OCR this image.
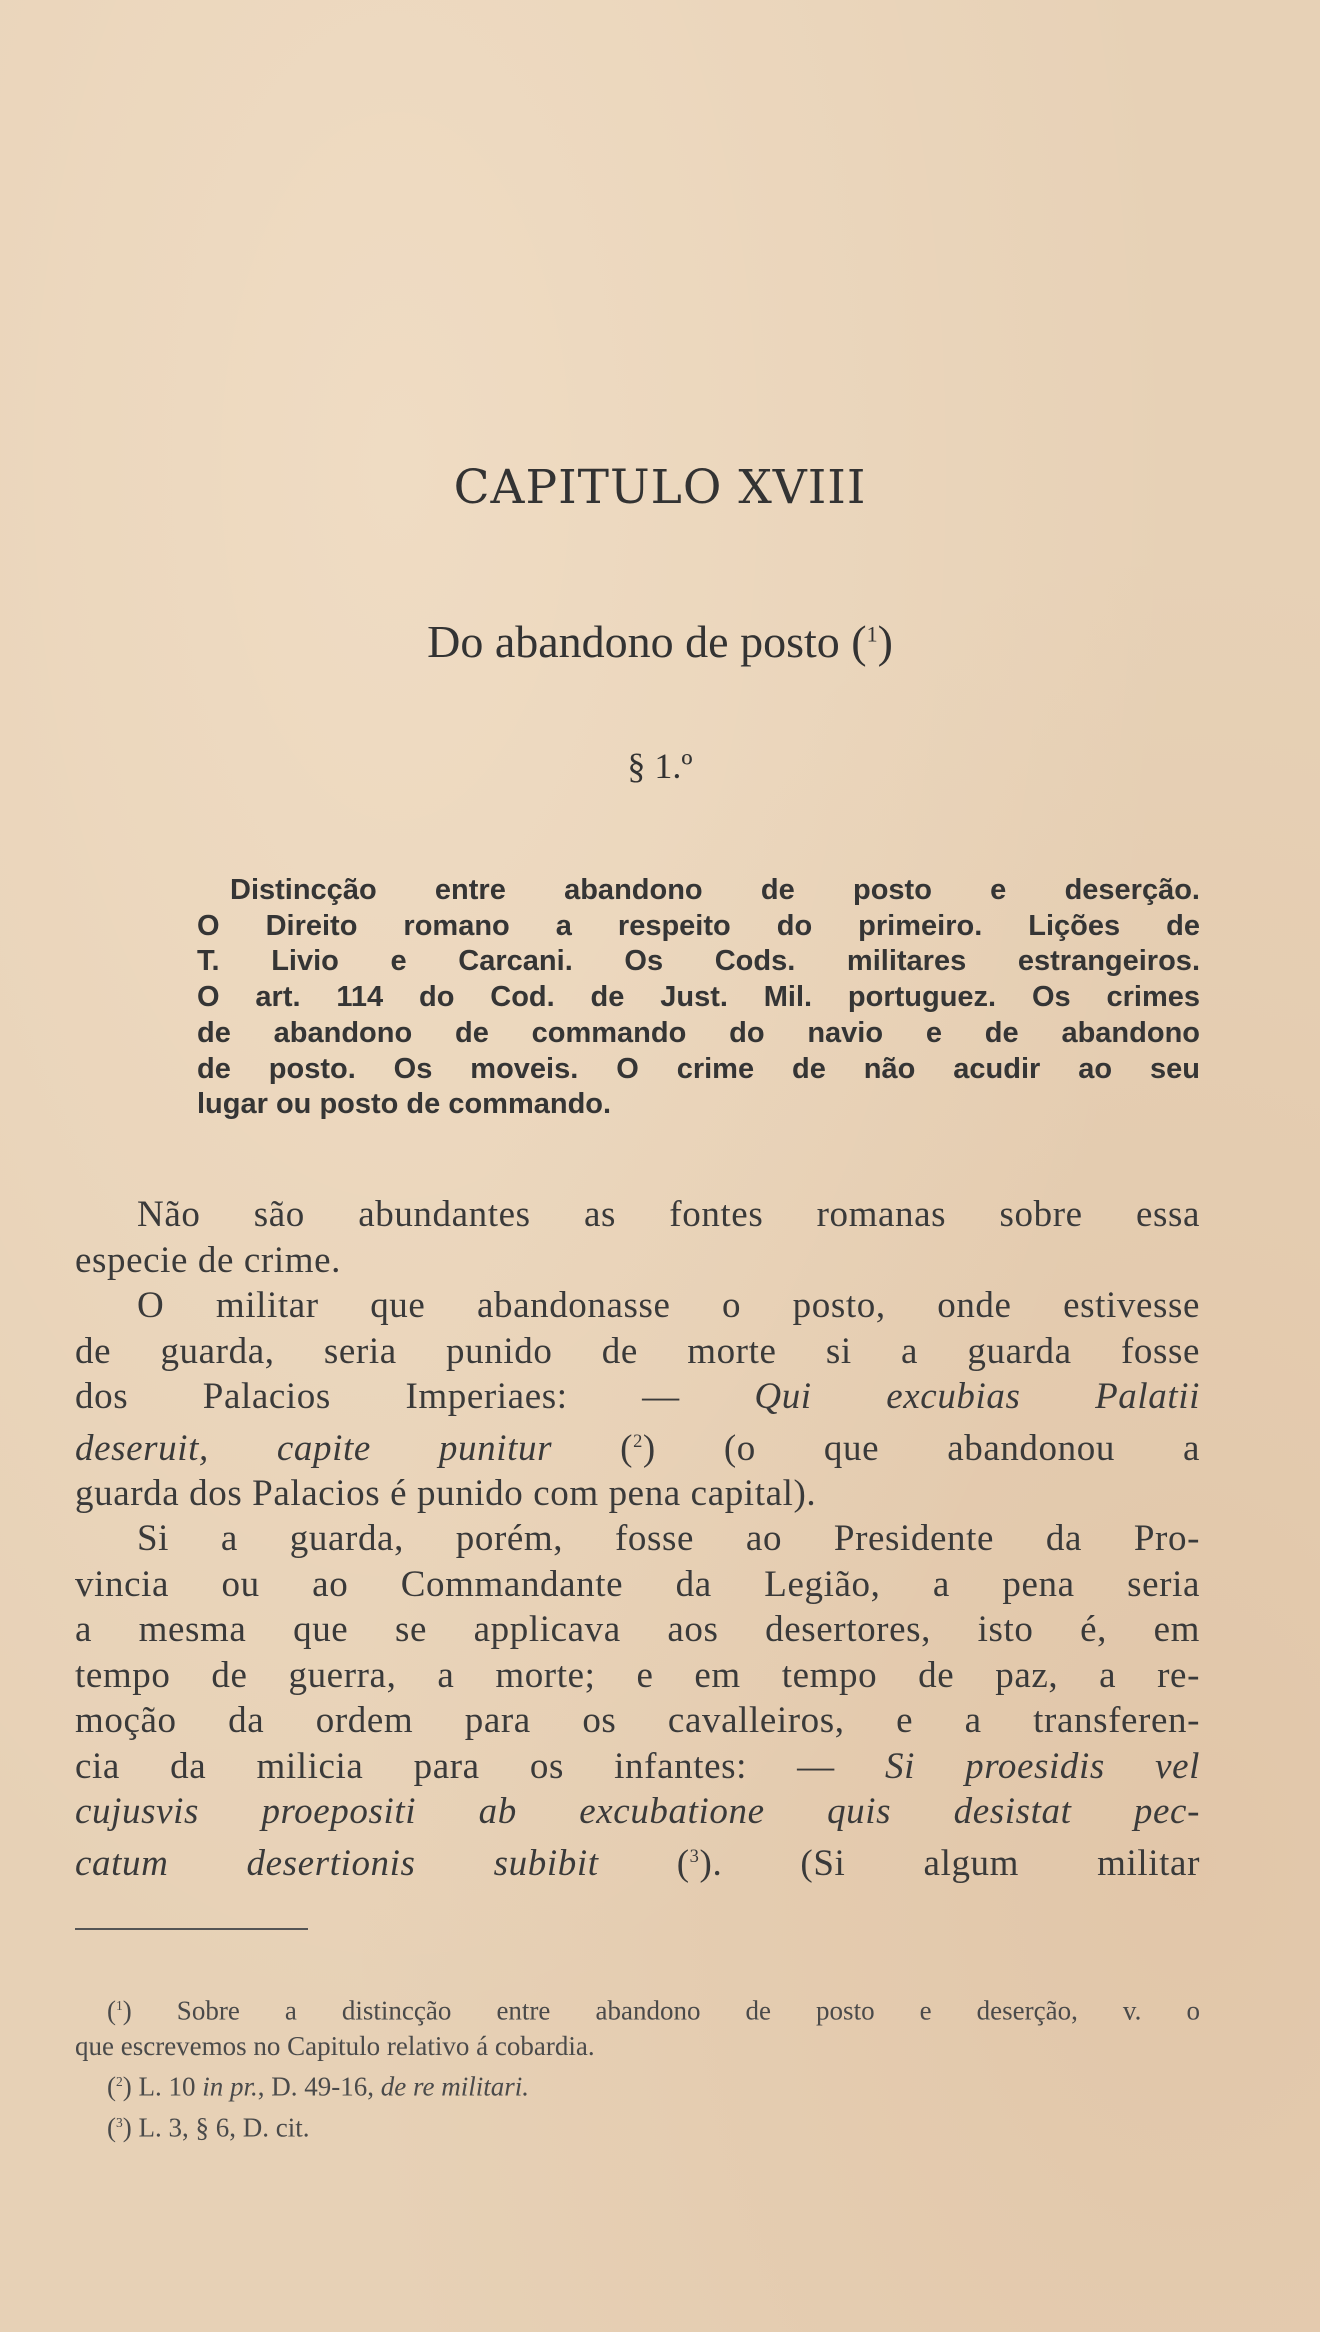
CAPITULO XVIII
Do abandono de posto ($^1$)
§ 1.º
Distincção entre abandono de posto e deserção.
O Direito romano a respeito do primeiro. Lições de
T. Livio e Carcani. Os Cods. militares estrangeiros.
O art. 114 do Cod. de Just. Mil. portuguez. Os crimes
de abandono de commando do navio e de abandono
de posto. Os moveis. O crime de não acudir ao seu
lugar ou posto de commando.
Não são abundantes as fontes romanas sobre essa
especie de crime.
O militar que abandonasse o posto, onde estivesse
de guarda, seria punido de morte si a guarda fosse
dos Palacios Imperiaes: — Qui excubias Palatii
deseruit, capite punitur ($^2$) (o que abandonou a
guarda dos Palacios é punido com pena capital).
Si a guarda, porém, fosse ao Presidente da Pro-
vincia ou ao Commandante da Legião, a pena seria
a mesma que se applicava aos desertores, isto é, em
tempo de guerra, a morte; e em tempo de paz, a re-
moção da ordem para os cavalleiros, e a transferen-
cia da milicia para os infantes: — Si proesidis vel
cujusvis proepositi ab excubatione quis desistat pec-
catum desertionis subibit ($^3$). (Si algum militar
($^1$) Sobre a distincção entre abandono de posto e deserção, v. o
que escrevemos no Capitulo relativo á cobardia.
($^2$) L. 10 in pr., D. 49-16, de re militari.
($^3$) L. 3, § 6, D. cit.
